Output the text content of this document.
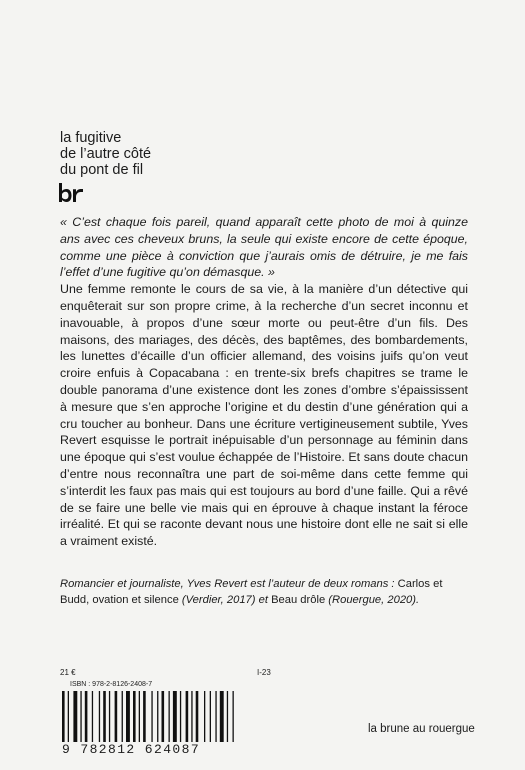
la fugitive
de l’autre côté
du pont de fil

« C’est chaque fois pareil, quand apparaît cette photo de moi à quinze ans avec ces cheveux bruns, la seule qui existe encore de cette époque, comme une pièce à conviction que j’aurais omis de détruire, je me fais l’effet d’une fugitive qu’on démasque. »

Une femme remonte le cours de sa vie, à la manière d’un détective qui enquêterait sur son propre crime, à la recherche d’un secret inconnu et inavouable, à propos d’une sœur morte ou peut-être d’un fils. Des maisons, des mariages, des décès, des baptêmes, des bombardements, les lunettes d’écaille d’un officier allemand, des voisins juifs qu’on veut croire enfuis à Copacabana : en trente-six brefs chapitres se trame le double panorama d’une existence dont les zones d’ombre s’épaississent à mesure que s’en approche l’origine et du destin d’une génération qui a cru toucher au bonheur. Dans une écriture vertigineusement subtile, Yves Revert esquisse le portrait inépuisable d’un personnage au féminin dans une époque qui s’est voulue échappée de l’Histoire. Et sans doute chacun d’entre nous reconnaîtra une part de soi-même dans cette femme qui s’interdit les faux pas mais qui est toujours au bord d’une faille. Qui a rêvé de se faire une belle vie mais qui en éprouve à chaque instant la féroce irréalité. Et qui se raconte devant nous une histoire dont elle ne sait si elle a vraiment existé.

Romancier et journaliste, Yves Revert est l’auteur de deux romans : Carlos et Budd, ovation et silence (Verdier, 2017) et Beau drôle (Rouergue, 2020).
21 €	I-23
ISBN : 978-2-8126-2408-7
9 782812 624087
la brune au rouergue
